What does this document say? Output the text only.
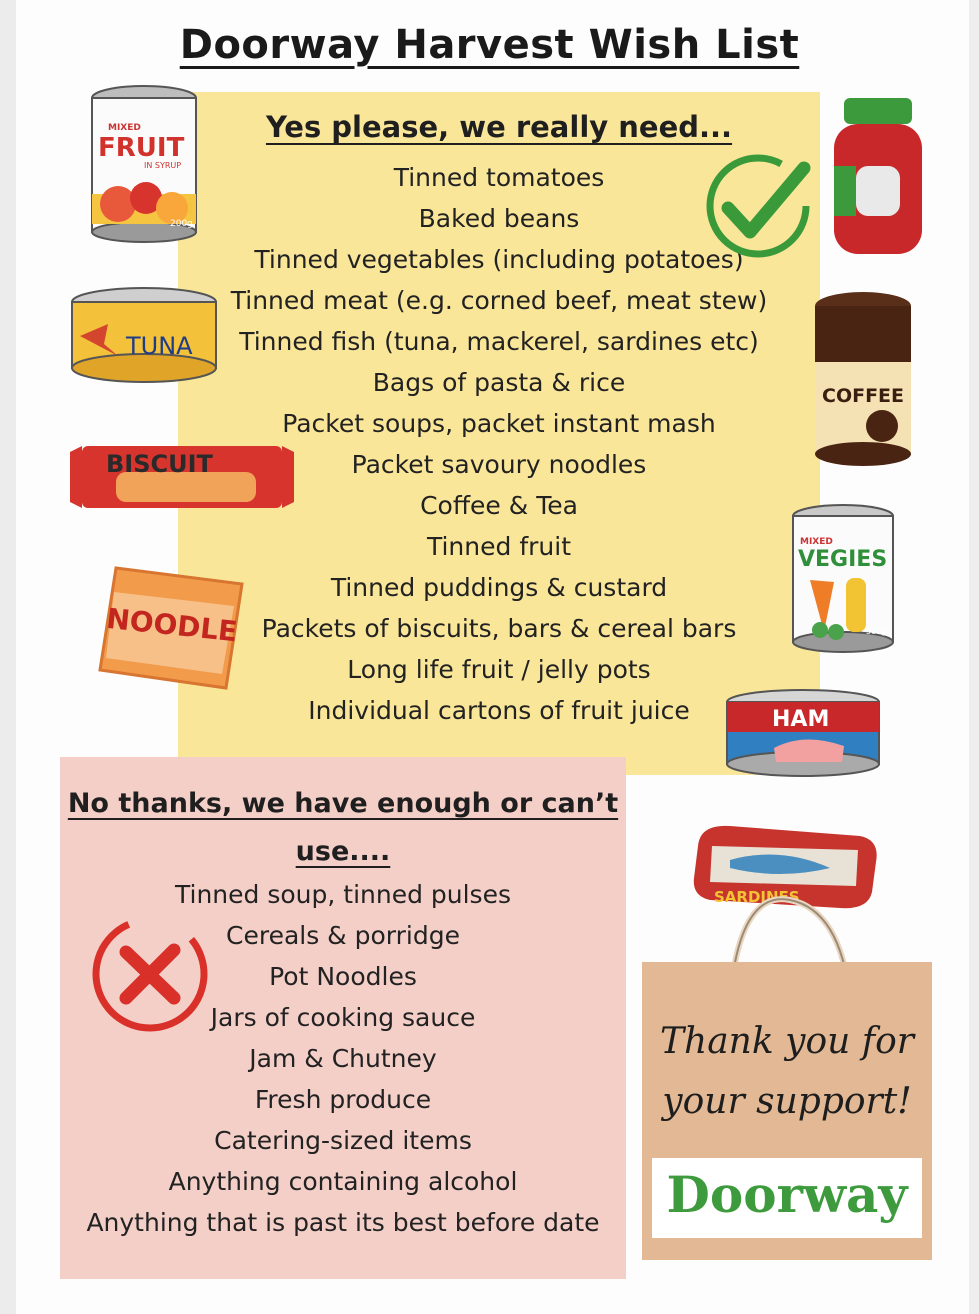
Doorway Harvest Wish List
Yes please, we really need...
Tinned tomatoes
Baked beans
Tinned vegetables (including potatoes)
Tinned meat (e.g. corned beef, meat stew)
Tinned fish (tuna, mackerel, sardines etc)
Bags of pasta & rice
Packet soups, packet instant mash
Packet savoury noodles
Coffee & Tea
Tinned fruit
Tinned puddings & custard
Packets of biscuits, bars & cereal bars
Long life fruit / jelly pots
Individual cartons of fruit juice
No thanks, we have enough or can’t
use....
Tinned soup, tinned pulses
Cereals & porridge
Pot Noodles
Jars of cooking sauce
Jam & Chutney
Fresh produce
Catering-sized items
Anything containing alcohol
Anything that is past its best before date
MIXED
FRUIT
IN SYRUP
200g
TUNA
BISCUIT
NOODLE
COFFEE
MIXED
VEGIES
500g
HAM
SARDINES
Thank you for
your support!
Doorway
